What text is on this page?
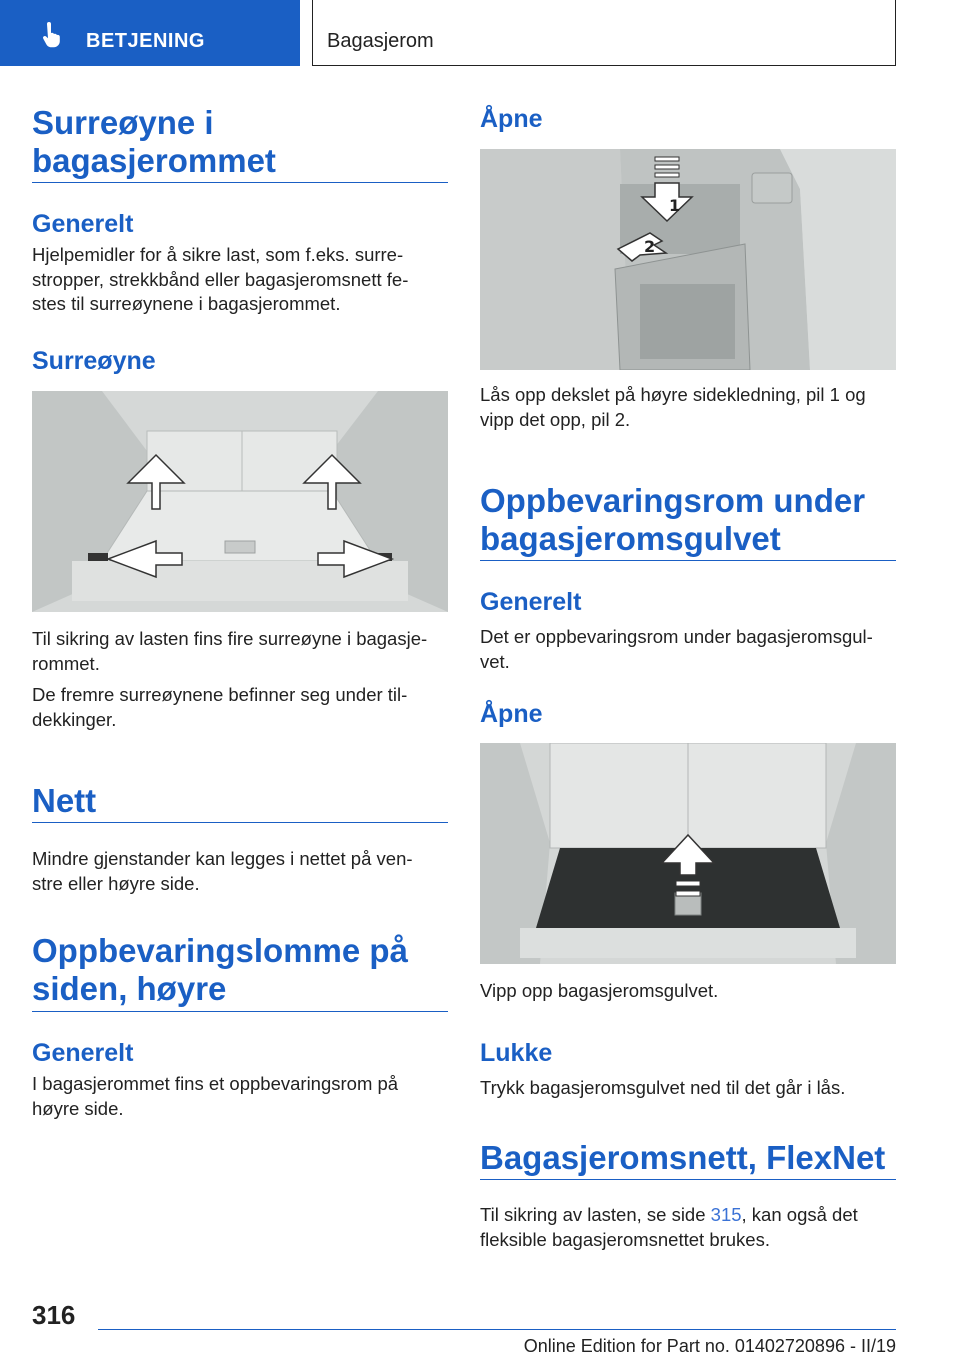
BETJENING	Bagasjerom
Surreøyne i
bagasjerommet
Generelt
Hjelpemidler for å sikre last, som f.eks. surre‐
stropper, strekkbånd eller bagasjeromsnett fe‐
stes til surreøynene i bagasjerommet.
Surreøyne
Til sikring av lasten fins fire surreøyne i bagasje‐
rommet.
De fremre surreøynene befinner seg under til‐
dekkinger.
Nett
Mindre gjenstander kan legges i nettet på ven‐
stre eller høyre side.
Oppbevaringslomme på
siden, høyre
Generelt
I bagasjerommet fins et oppbevaringsrom på
høyre side.
Åpne
1
2
Lås opp dekslet på høyre sidekledning, pil 1 og
vipp det opp, pil 2.
Oppbevaringsrom under
bagasjeromsgulvet
Generelt
Det er oppbevaringsrom under bagasjeromsgul‐
vet.
Åpne
Vipp opp bagasjeromsgulvet.
Lukke
Trykk bagasjeromsgulvet ned til det går i lås.
Bagasjeromsnett, FlexNet
Til sikring av lasten, se side 315, kan også det
fleksible bagasjeromsnettet brukes.
316
Online Edition for Part no. 01402720896 - II/19
